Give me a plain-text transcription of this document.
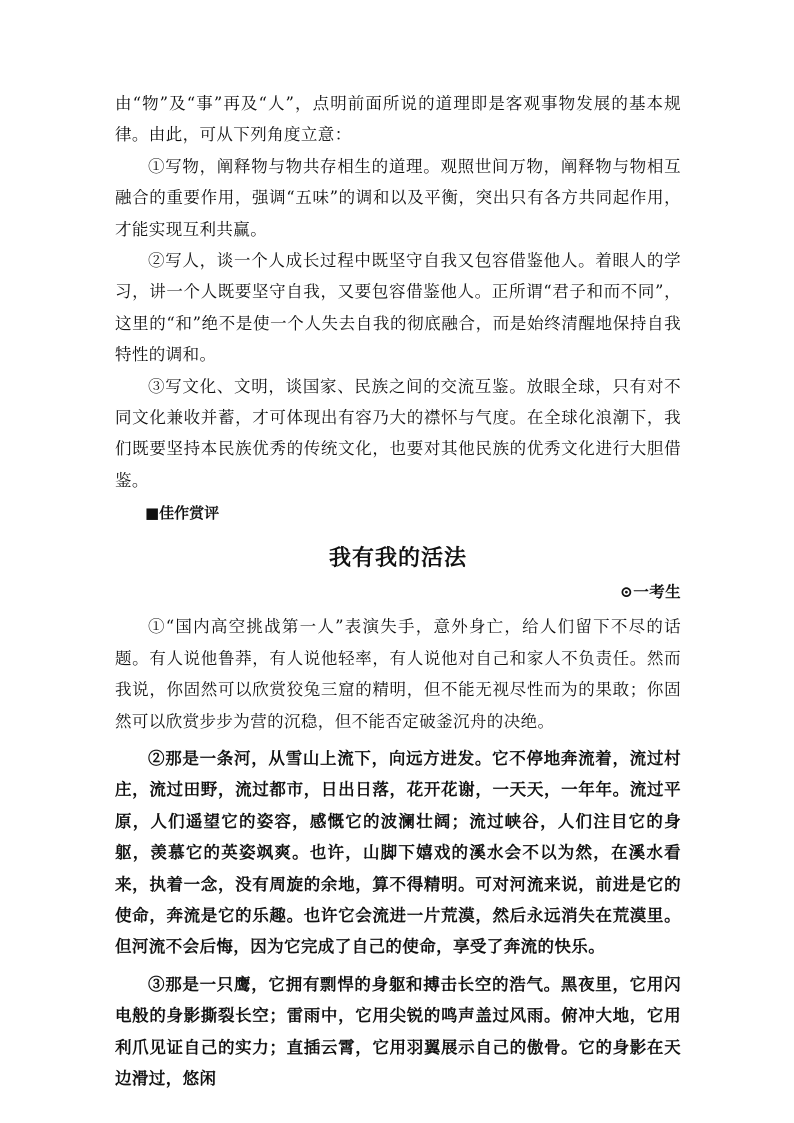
由“物”及“事”再及“人”，点明前面所说的道理即是客观事物发展的基本规律。由此，可从下列角度立意：

①写物，阐释物与物共存相生的道理。观照世间万物，阐释物与物相互融合的重要作用，强调“五味”的调和以及平衡，突出只有各方共同起作用，才能实现互利共赢。

②写人，谈一个人成长过程中既坚守自我又包容借鉴他人。着眼人的学习，讲一个人既要坚守自我，又要包容借鉴他人。正所谓“君子和而不同”，这里的“和”绝不是使一个人失去自我的彻底融合，而是始终清醒地保持自我特性的调和。

③写文化、文明，谈国家、民族之间的交流互鉴。放眼全球，只有对不同文化兼收并蓄，才可体现出有容乃大的襟怀与气度。在全球化浪潮下，我们既要坚持本民族优秀的传统文化，也要对其他民族的优秀文化进行大胆借鉴。

■佳作赏评

我有我的活法

⊙一考生

①“国内高空挑战第一人”表演失手，意外身亡，给人们留下不尽的话题。有人说他鲁莽，有人说他轻率，有人说他对自己和家人不负责任。然而我说，你固然可以欣赏狡兔三窟的精明，但不能无视尽性而为的果敢；你固然可以欣赏步步为营的沉稳，但不能否定破釜沉舟的决绝。

②那是一条河，从雪山上流下，向远方进发。它不停地奔流着，流过村庄，流过田野，流过都市，日出日落，花开花谢，一天天，一年年。流过平原，人们遥望它的姿容，感慨它的波澜壮阔；流过峡谷，人们注目它的身躯，羡慕它的英姿飒爽。也许，山脚下嬉戏的溪水会不以为然，在溪水看来，执着一念，没有周旋的余地，算不得精明。可对河流来说，前进是它的使命，奔流是它的乐趣。也许它会流进一片荒漠，然后永远消失在荒漠里。但河流不会后悔，因为它完成了自己的使命，享受了奔流的快乐。

③那是一只鹰，它拥有剽悍的身躯和搏击长空的浩气。黑夜里，它用闪电般的身影撕裂长空；雷雨中，它用尖锐的鸣声盖过风雨。俯冲大地，它用利爪见证自己的实力；直插云霄，它用羽翼展示自己的傲骨。它的身影在天边滑过，悠闲
